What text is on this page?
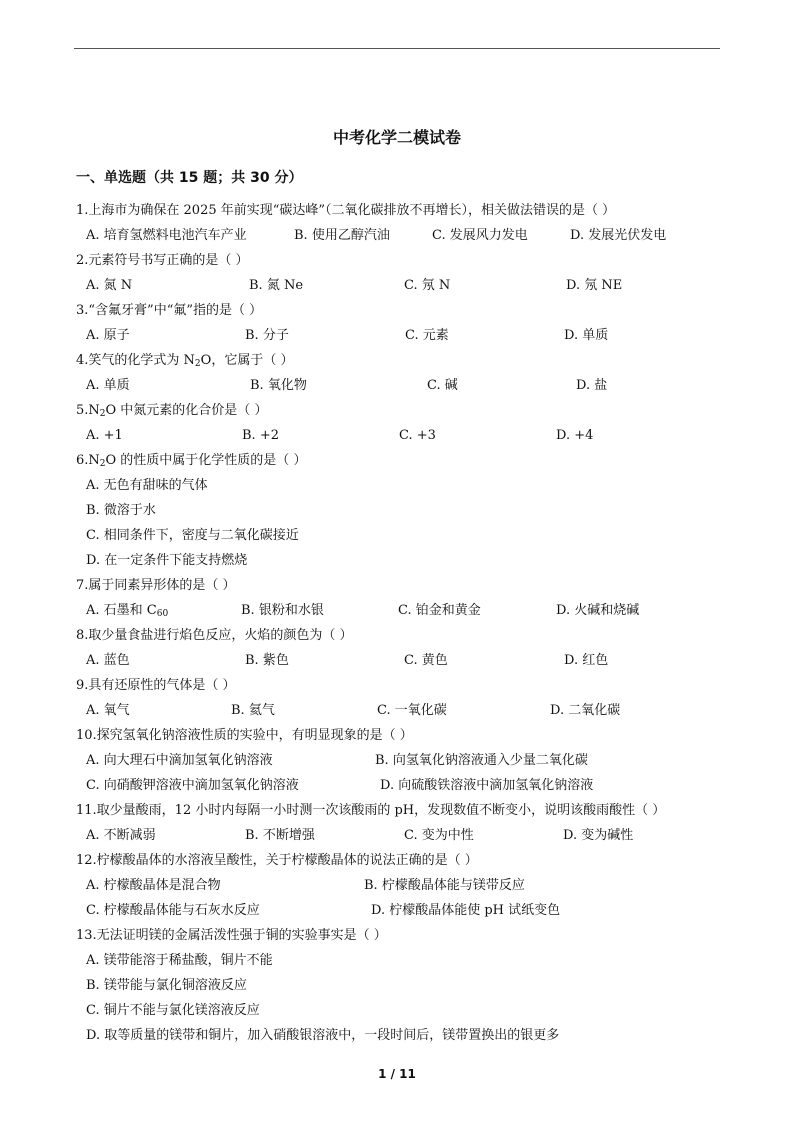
中考化学二模试卷
一、单选题（共 15 题；共 30 分）
1.上海市为确保在 2025 年前实现“碳达峰”（二氧化碳排放不再增长），相关做法错误的是（ ）
A. 培育氢燃料电池汽车产业	B. 使用乙醇汽油	C. 发展风力发电	D. 发展光伏发电
2.元素符号书写正确的是（ ）
A. 氮 N	B. 氮 Ne	C. 氖 N	D. 氖 NE
3.“含氟牙膏”中“氟”指的是（ ）
A. 原子	B. 分子	C. 元素	D. 单质
4.笑气的化学式为 $N_2O$，它属于（ ）
A. 单质	B. 氧化物	C. 碱	D. 盐
$5.N_2O$ 中氮元素的化合价是（ ）
A. +1	B. +2	C. +3	D. +4
$6.N_2O$ 的性质中属于化学性质的是（ ）
A. 无色有甜味的气体
B. 微溶于水
C. 相同条件下，密度与二氧化碳接近
D. 在一定条件下能支持燃烧
7.属于同素异形体的是（ ）
A. 石墨和 $C_{60}$	B. 银粉和水银	C. 铂金和黄金	D. 火碱和烧碱
8.取少量食盐进行焰色反应，火焰的颜色为（ ）
A. 蓝色	B. 紫色	C. 黄色	D. 红色
9.具有还原性的气体是（ ）
A. 氧气	B. 氦气	C. 一氧化碳	D. 二氧化碳
10.探究氢氧化钠溶液性质的实验中，有明显现象的是（ ）
A. 向大理石中滴加氢氧化钠溶液	B. 向氢氧化钠溶液通入少量二氧化碳
C. 向硝酸钾溶液中滴加氢氧化钠溶液	D. 向硫酸铁溶液中滴加氢氧化钠溶液
11.取少量酸雨，12 小时内每隔一小时测一次该酸雨的 pH，发现数值不断变小，说明该酸雨酸性（ ）
A. 不断减弱	B. 不断增强	C. 变为中性	D. 变为碱性
12.柠檬酸晶体的水溶液呈酸性，关于柠檬酸晶体的说法正确的是（ ）
A. 柠檬酸晶体是混合物	B. 柠檬酸晶体能与镁带反应
C. 柠檬酸晶体能与石灰水反应	D. 柠檬酸晶体能使 pH 试纸变色
13.无法证明镁的金属活泼性强于铜的实验事实是（ ）
A. 镁带能溶于稀盐酸，铜片不能
B. 镁带能与氯化铜溶液反应
C. 铜片不能与氯化镁溶液反应
D. 取等质量的镁带和铜片，加入硝酸银溶液中，一段时间后，镁带置换出的银更多
1 / 11
